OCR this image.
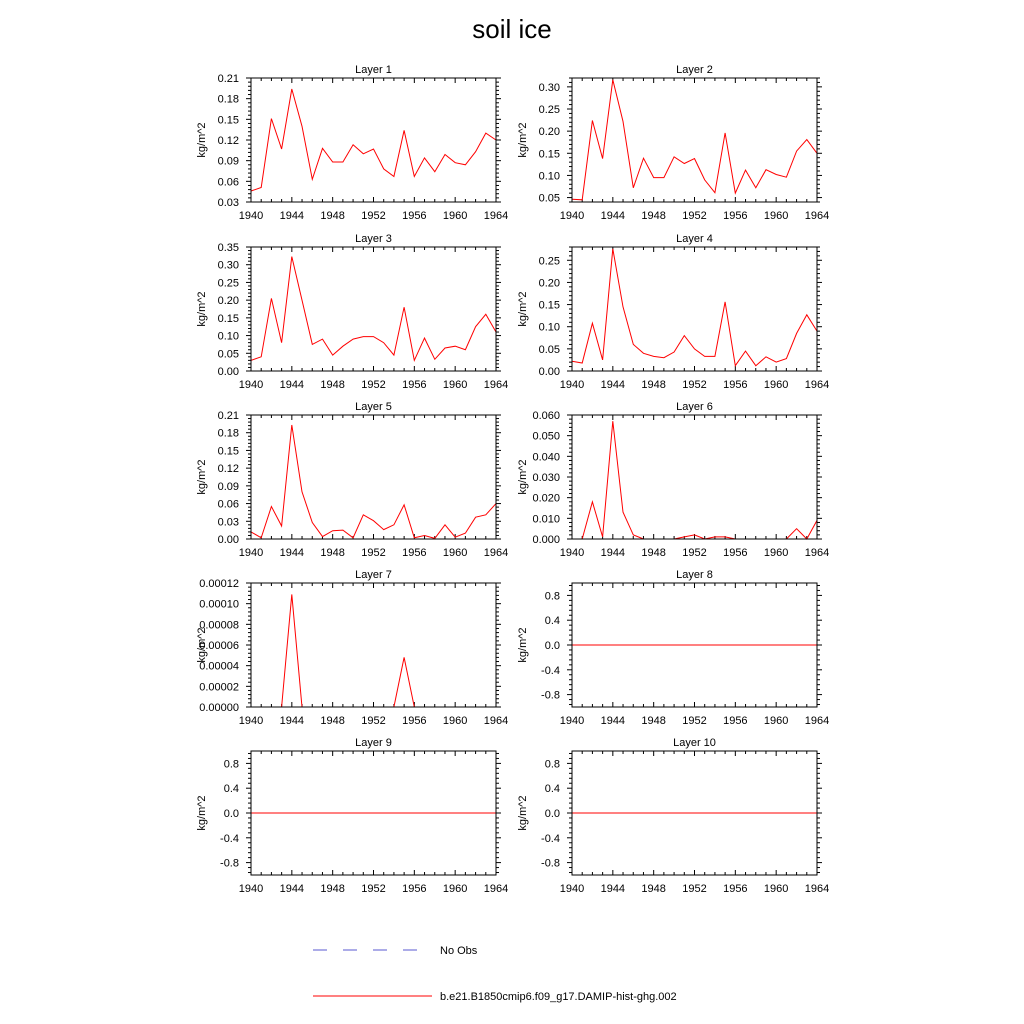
soil ice
Layer 1
kg/m^2
1940 1944 1948 1952 1956 1960 1964
0.03
0.06
0.09
0.12
0.15
0.18
0.21
Layer 2
kg/m^2
1940 1944 1948 1952 1956 1960 1964
0.05
0.10
0.15
0.20
0.25
0.30
Layer 3
kg/m^2
1940 1944 1948 1952 1956 1960 1964
0.00
0.05
0.10
0.15
0.20
0.25
0.30
0.35
Layer 4
kg/m^2
1940 1944 1948 1952 1956 1960 1964
0.00
0.05
0.10
0.15
0.20
0.25
Layer 5
kg/m^2
1940 1944 1948 1952 1956 1960 1964
0.00
0.03
0.06
0.09
0.12
0.15
0.18
0.21
Layer 6
kg/m^2
1940 1944 1948 1952 1956 1960 1964
0.000
0.010
0.020
0.030
0.040
0.050
0.060
Layer 7
kg/m^2
1940 1944 1948 1952 1956 1960 1964
0.00000
0.00002
0.00004
0.00006
0.00008
0.00010
0.00012
Layer 8
kg/m^2
1940 1944 1948 1952 1956 1960 1964
-0.8
-0.4
0.0
0.4
0.8
Layer 9
kg/m^2
1940 1944 1948 1952 1956 1960 1964
-0.8
-0.4
0.0
0.4
0.8
Layer 10
kg/m^2
1940 1944 1948 1952 1956 1960 1964
-0.8
-0.4
0.0
0.4
0.8
No Obs
b.e21.B1850cmip6.f09_g17.DAMIP-hist-ghg.002
